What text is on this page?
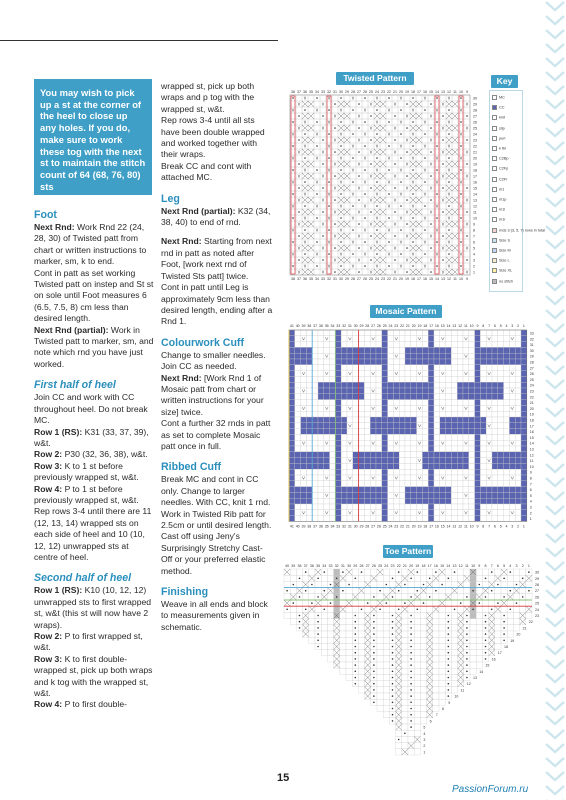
You may wish to pick up a st at the corner of the heel to close up any holes. If you do, make sure to work these tog with the next st to maintain the stitch count of 64 (68, 76, 80) sts

Foot

Next Rnd: Work Rnd 22 (24, 28, 30) of Twisted patt from chart or written instructions to marker, sm, k to end.

Cont in patt as set working Twisted patt on instep and St st on sole until Foot measures 6 (6.5, 7.5, 8) cm less than desired length.

Next Rnd (partial): Work in Twisted patt to marker, sm, and note which rnd you have just worked.

First half of heel

Join CC and work with CC throughout heel. Do not break MC.

Row 1 (RS): K31 (33, 37, 39), w&t.

Row 2: P30 (32, 36, 38), w&t.

Row 3: K to 1 st before previously wrapped st, w&t.

Row 4: P to 1 st before previously wrapped st, w&t.

Rep rows 3-4 until there are 11 (12, 13, 14) wrapped sts on each side of heel and 10 (10, 12, 12) unwrapped sts at centre of heel.

Second half of heel

Row 1 (RS): K10 (10, 12, 12) unwrapped sts to first wrapped st, w&t (this st will now have 2 wraps).

Row 2: P to first wrapped st, w&t.

Row 3: K to first double-wrapped st, pick up both wraps and k tog with the wrapped st, w&t.

Row 4: P to first double-

wrapped st, pick up both wraps and p tog with the wrapped st, w&t.

Rep rows 3-4 until all sts have been double wrapped and worked together with their wraps.

Break CC and cont with attached MC.

Leg

Next Rnd (partial): K32 (34, 38, 40) to end of rnd.

Next Rnd: Starting from next rnd in patt as noted after Foot, [work next rnd of Twisted Sts patt] twice.

Cont in patt until Leg is approximately 9cm less than desired length, ending after a Rnd 1.

Colourwork Cuff

Change to smaller needles.

Join CC as needed.

Next Rnd: [Work Rnd 1 of Mosaic patt from chart or written instructions for your size] twice.

Cont a further 32 rnds in patt as set to complete Mosaic patt once in full.

Ribbed Cuff

Break MC and cont in CC only. Change to larger needles. With CC, knit 1 rnd. Work in Twisted Rib patt for 2.5cm or until desired length. Cast off using Jeny's Surprisingly Stretchy Cast-Off or your preferred elastic method.

Finishing

Weave in all ends and block to measurements given in schematic.

Twisted Pattern
38
38
37
37
36
36
35
35
34
34
33
33
32
32
31
31
30
30
29
29
28
28
27
27
26
26
25
25
24
24
23
23
22
22
21
21
20
20
19
19
18
18
17
17
16
16
15
15
14
14
13
13
12
12
11
11
10
10
9
9
30
29
28
27
26
25
24
23
22
21
20
19
18
17
16
15
14
13
12
11
10
9
8
7
6
5
4
3
2
1
Key
MC
CC
knit
slip
purl
k tbl
C2Bp
C2Fp
C2Fr
m1
m1p
m1l
m1r
rnds 3 (3, 5, 7) rows in total
Size S
Size M
Size L
Size XL
no stitch
Mosaic Pattern
41
41
40
40
39
39
38
38
37
37
36
36
35
35
34
34
33
33
32
32
31
31
30
30
29
29
28
28
27
27
26
26
25
25
24
24
23
23
22
22
21
21
20
20
19
19
18
18
17
17
16
16
15
15
14
14
13
13
12
12
11
11
10
10
9
9
8
8
7
7
6
6
5
5
4
4
3
3
2
2
1
1
33
32
31
30
29
28
27
26
25
24
23
22
21
20
19
18
17
16
15
14
13
12
11
10
9
8
7
6
5
4
3
2
1
Toe Pattern
40 39 38 37 36 35 34 33 32 31 30 29 28 27 26 25 24 23 22 21 20 19 18 17 16 15 14 13 12 11 10 9 8 7 6 5 4 3 2 1
30
29
28
27
26
25
24
23
22
21
20
19
18
17
16
15
14
13
12
11
10
9
8
7
6
5
4
3
2
1
15
PassionForum.ru
